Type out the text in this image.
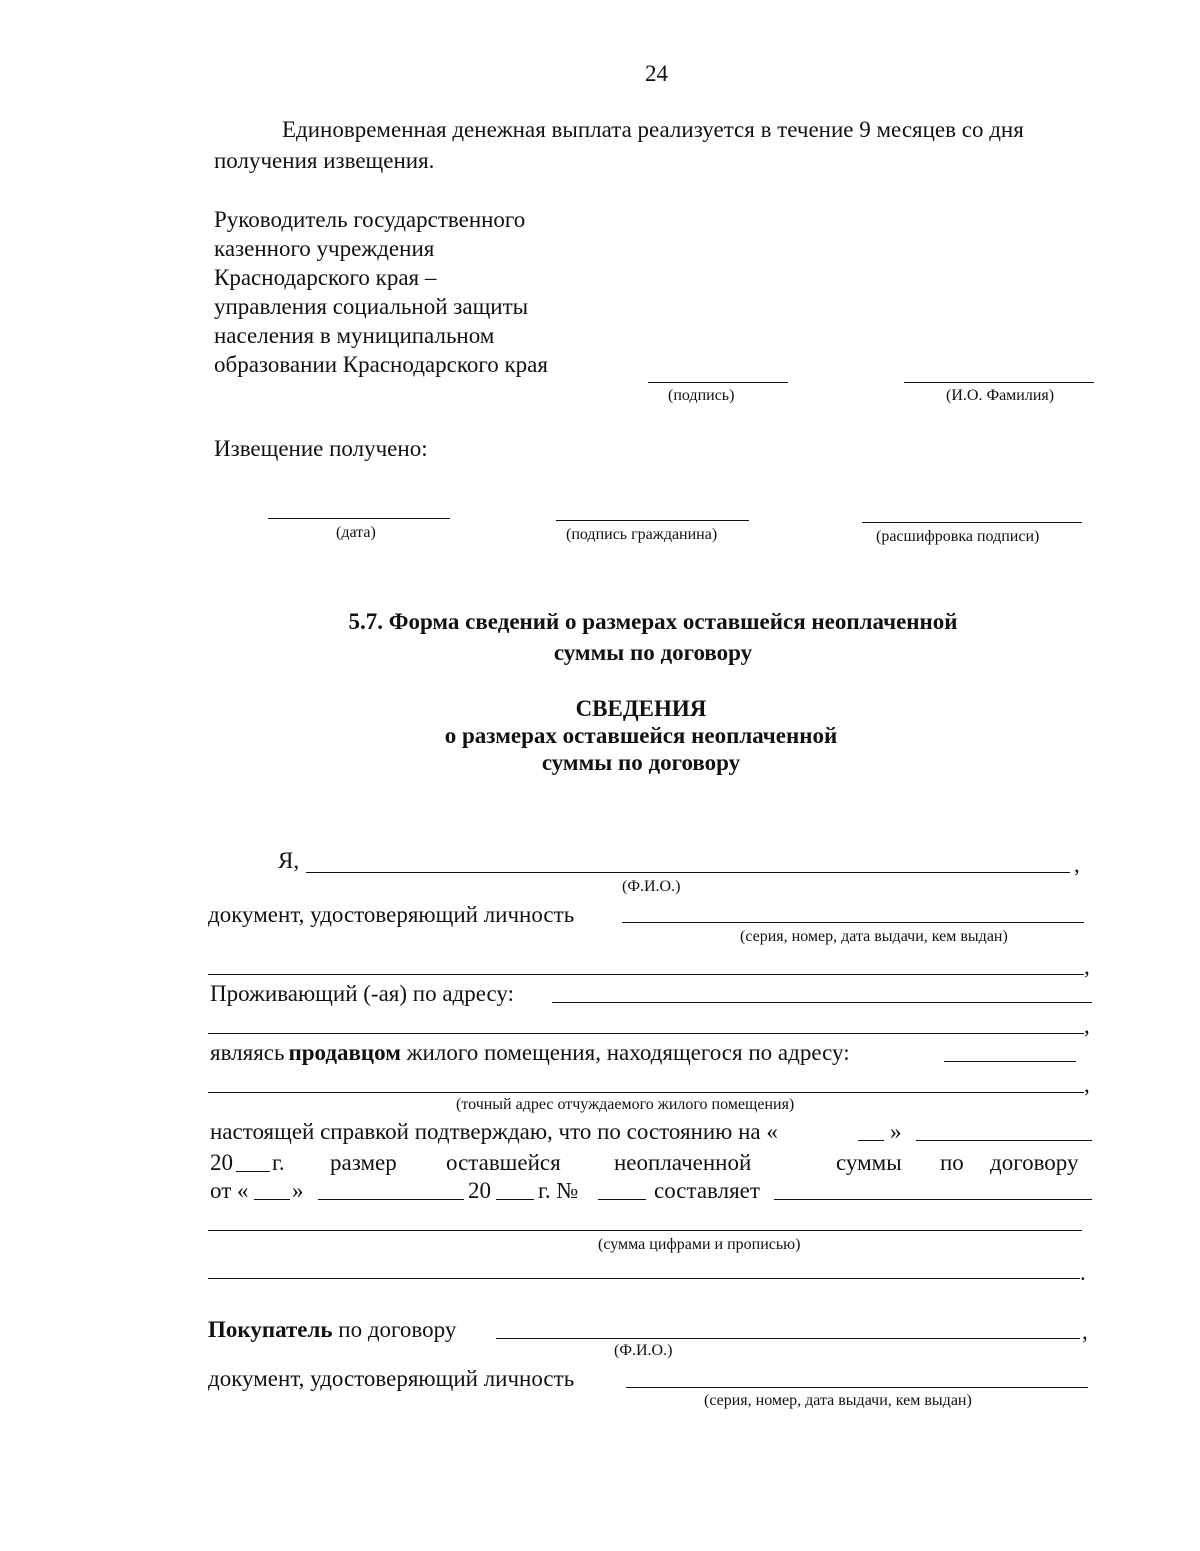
24
Единовременная денежная выплата реализуется в течение 9 месяцев со дня
получения извещения.
Руководитель государственного
казенного учреждения
Краснодарского края –
управления социальной защиты
населения в муниципальном
образовании Краснодарского края
(подпись)	(И.О. Фамилия)
Извещение получено:
(дата)	(подпись гражданина)	(расшифровка подписи)
5.7. Форма сведений о размерах оставшейся неоплаченной
суммы по договору
СВЕДЕНИЯ
о размерах оставшейся неоплаченной
суммы по договору
Я,	,
(Ф.И.О.)
документ, удостоверяющий личность
(серия, номер, дата выдачи, кем выдан)
,
Проживающий (-ая) по адресу:
,
являясь продавцом жилого помещения, находящегося по адресу:
,
(точный адрес отчуждаемого жилого помещения)
настоящей справкой подтверждаю, что по состоянию на «	»
20 г. размер оставшейся неоплаченной	суммы по договору
от « »	20 г. №	составляет
(сумма цифрами и прописью)
.
Покупатель по договору	,
(Ф.И.О.)
документ, удостоверяющий личность
(серия, номер, дата выдачи, кем выдан)
